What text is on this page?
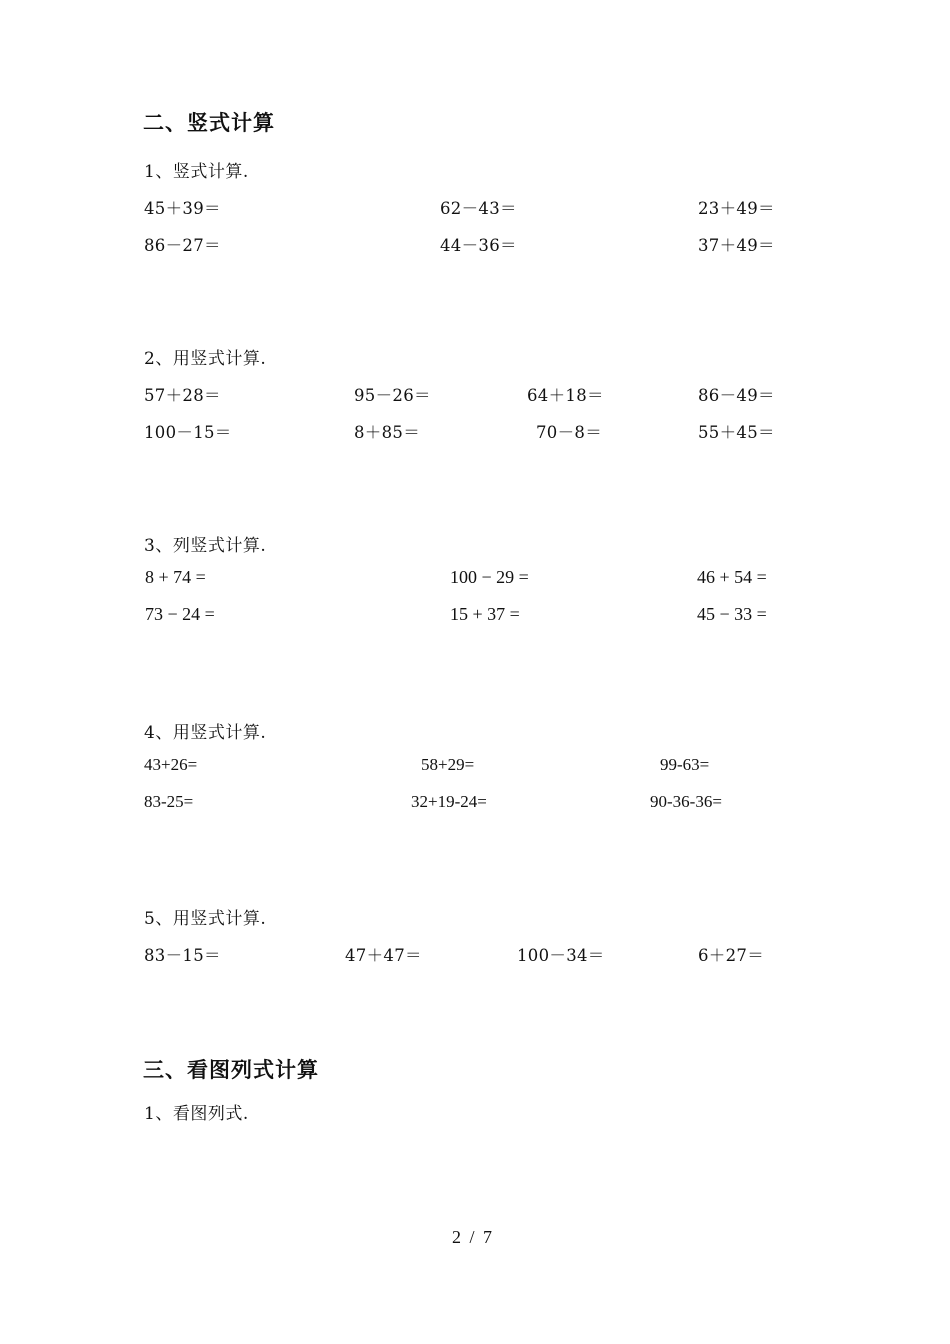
二、竖式计算
1、竖式计算.
45＋39＝	62－43＝	23＋49＝
86－27＝	44－36＝	37＋49＝
2、用竖式计算.
57＋28＝	95－26＝	64＋18＝	86－49＝
100－15＝	8＋85＝	70－8＝	55＋45＝
3、列竖式计算.
8 + 74 =	100 − 29 =	46 + 54 =
73 − 24 =	15 + 37 =	45 − 33 =
4、用竖式计算.
43+26=	58+29=	99-63=
83-25=	32+19-24=	90-36-36=
5、用竖式计算.
83－15＝	47＋47＝	100－34＝	6＋27＝
三、看图列式计算
1、看图列式.
2 / 7
